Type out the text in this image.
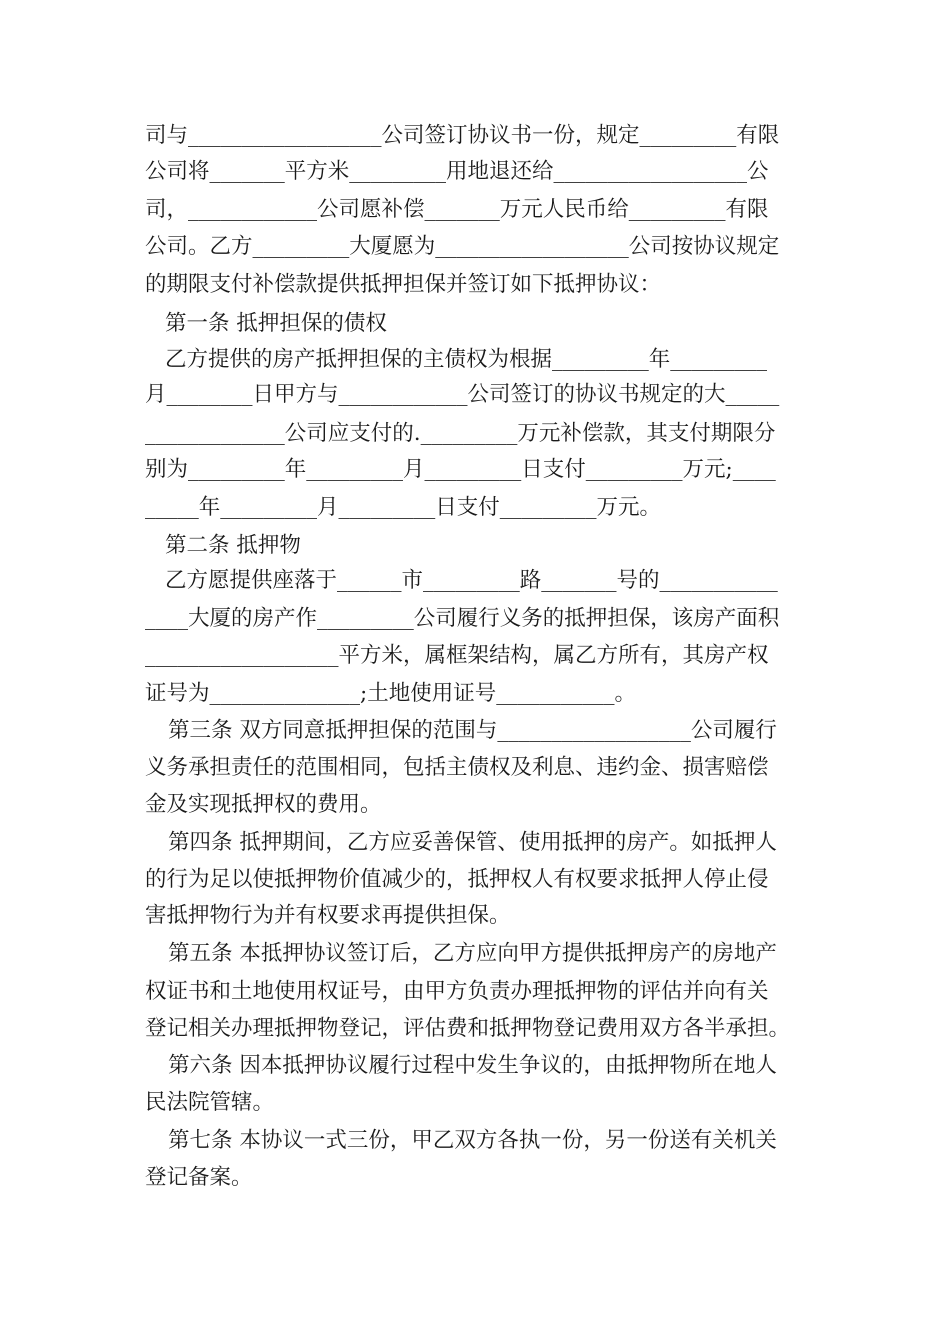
司与__________________公司签订协议书一份，规定_________有限

公司将_______平方米_________用地退还给__________________公

司，____________公司愿补偿_______万元人民币给_________有限

公司。乙方_________大厦愿为__________________公司按协议规定

的期限支付补偿款提供抵押担保并签订如下抵押协议：

第一条 抵押担保的债权

乙方提供的房产抵押担保的主债权为根据_________年_________

月________日甲方与____________公司签订的协议书规定的大_____

_____________公司应支付的._________万元补偿款，其支付期限分

别为_________年_________月_________日支付_________万元;____

_____年_________月_________日支付_________万元。

第二条 抵押物

乙方愿提供座落于______市_________路_______号的___________

____大厦的房产作_________公司履行义务的抵押担保，该房产面积

__________________平方米，属框架结构，属乙方所有，其房产权

证号为______________;土地使用证号___________。

第三条 双方同意抵押担保的范围与__________________公司履行

义务承担责任的范围相同，包括主债权及利息、违约金、损害赔偿

金及实现抵押权的费用。

第四条 抵押期间，乙方应妥善保管、使用抵押的房产。如抵押人

的行为足以使抵押物价值减少的，抵押权人有权要求抵押人停止侵

害抵押物行为并有权要求再提供担保。

第五条 本抵押协议签订后，乙方应向甲方提供抵押房产的房地产

权证书和土地使用权证号，由甲方负责办理抵押物的评估并向有关

登记相关办理抵押物登记，评估费和抵押物登记费用双方各半承担。

第六条 因本抵押协议履行过程中发生争议的，由抵押物所在地人

民法院管辖。

第七条 本协议一式三份，甲乙双方各执一份，另一份送有关机关

登记备案。
